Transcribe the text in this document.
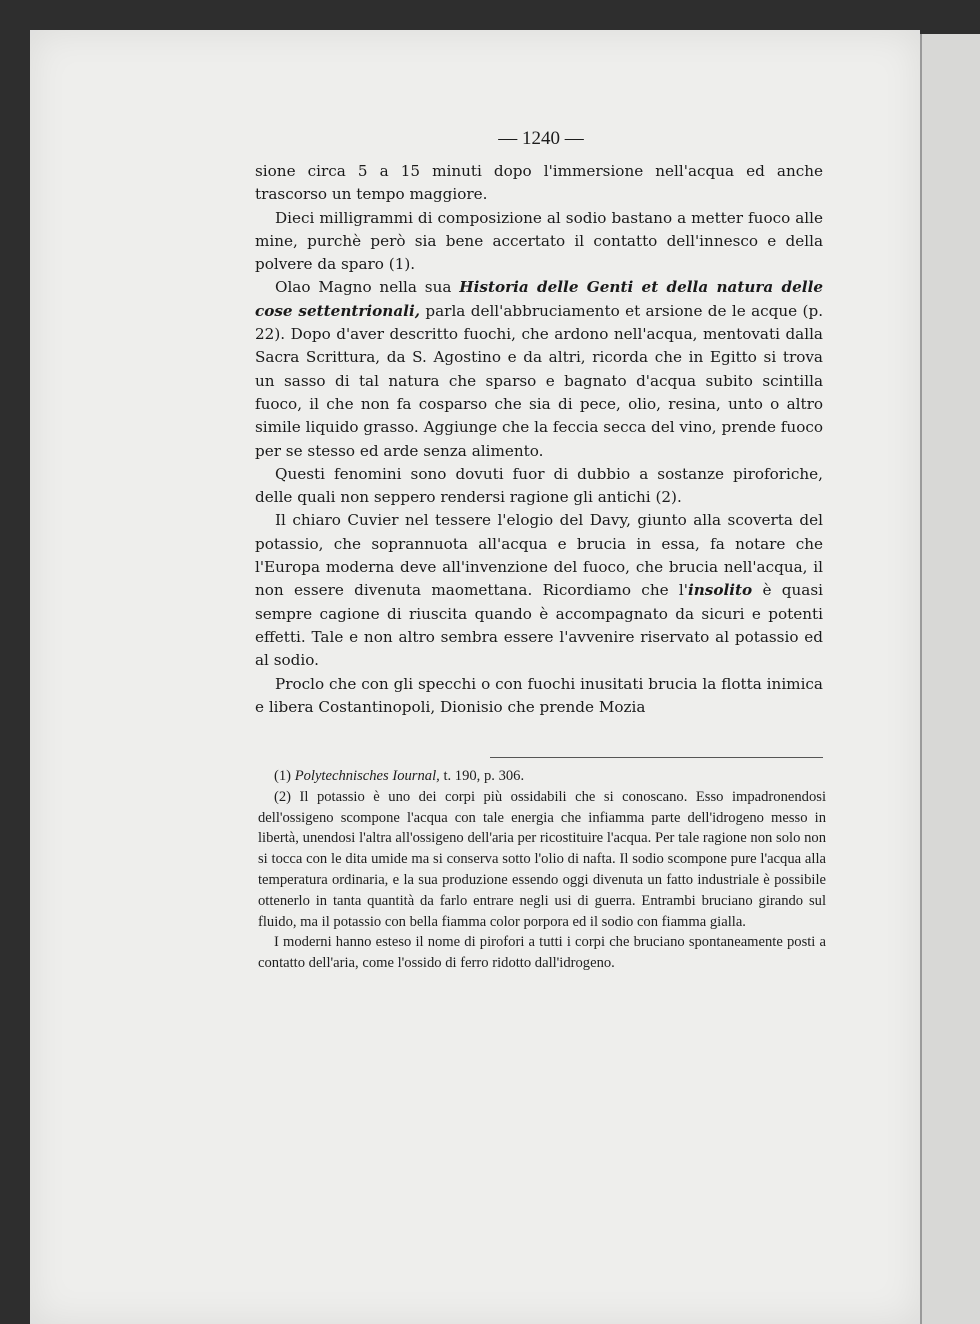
— 1240 —

sione circa 5 a 15 minuti dopo l'immersione nell'acqua ed anche trascorso un tempo maggiore.

Dieci milligrammi di composizione al sodio bastano a metter fuoco alle mine, purchè però sia bene accertato il contatto dell'innesco e della polvere da sparo (1).

Olao Magno nella sua Historia delle Genti et della natura delle cose settentrionali, parla dell'abbruciamento et arsione de le acque (p. 22). Dopo d'aver descritto fuochi, che ardono nell'acqua, mentovati dalla Sacra Scrittura, da S. Agostino e da altri, ricorda che in Egitto si trova un sasso di tal natura che sparso e bagnato d'acqua subito scintilla fuoco, il che non fa cosparso che sia di pece, olio, resina, unto o altro simile liquido grasso. Aggiunge che la feccia secca del vino, prende fuoco per se stesso ed arde senza alimento.

Questi fenomini sono dovuti fuor di dubbio a sostanze piroforiche, delle quali non seppero rendersi ragione gli antichi (2).

Il chiaro Cuvier nel tessere l'elogio del Davy, giunto alla scoverta del potassio, che soprannuota all'acqua e brucia in essa, fa notare che l'Europa moderna deve all'invenzione del fuoco, che brucia nell'acqua, il non essere divenuta maomettana. Ricordiamo che l'insolito è quasi sempre cagione di riuscita quando è accompagnato da sicuri e potenti effetti. Tale e non altro sembra essere l'avvenire riservato al potassio ed al sodio.

Proclo che con gli specchi o con fuochi inusitati brucia la flotta inimica e libera Costantinopoli, Dionisio che prende Mozia

(1) Polytechnisches Iournal, t. 190, p. 306.

(2) Il potassio è uno dei corpi più ossidabili che si conoscano. Esso impadronendosi dell'ossigeno scompone l'acqua con tale energia che infiamma parte dell'idrogeno messo in libertà, unendosi l'altra all'ossigeno dell'aria per ricostituire l'acqua. Per tale ragione non solo non si tocca con le dita umide ma si conserva sotto l'olio di nafta. Il sodio scompone pure l'acqua alla temperatura ordinaria, e la sua produzione essendo oggi divenuta un fatto industriale è possibile ottenerlo in tanta quantità da farlo entrare negli usi di guerra. Entrambi bruciano girando sul fluido, ma il potassio con bella fiamma color porpora ed il sodio con fiamma gialla.

I moderni hanno esteso il nome di pirofori a tutti i corpi che bruciano spontaneamente posti a contatto dell'aria, come l'ossido di ferro ridotto dall'idrogeno.
